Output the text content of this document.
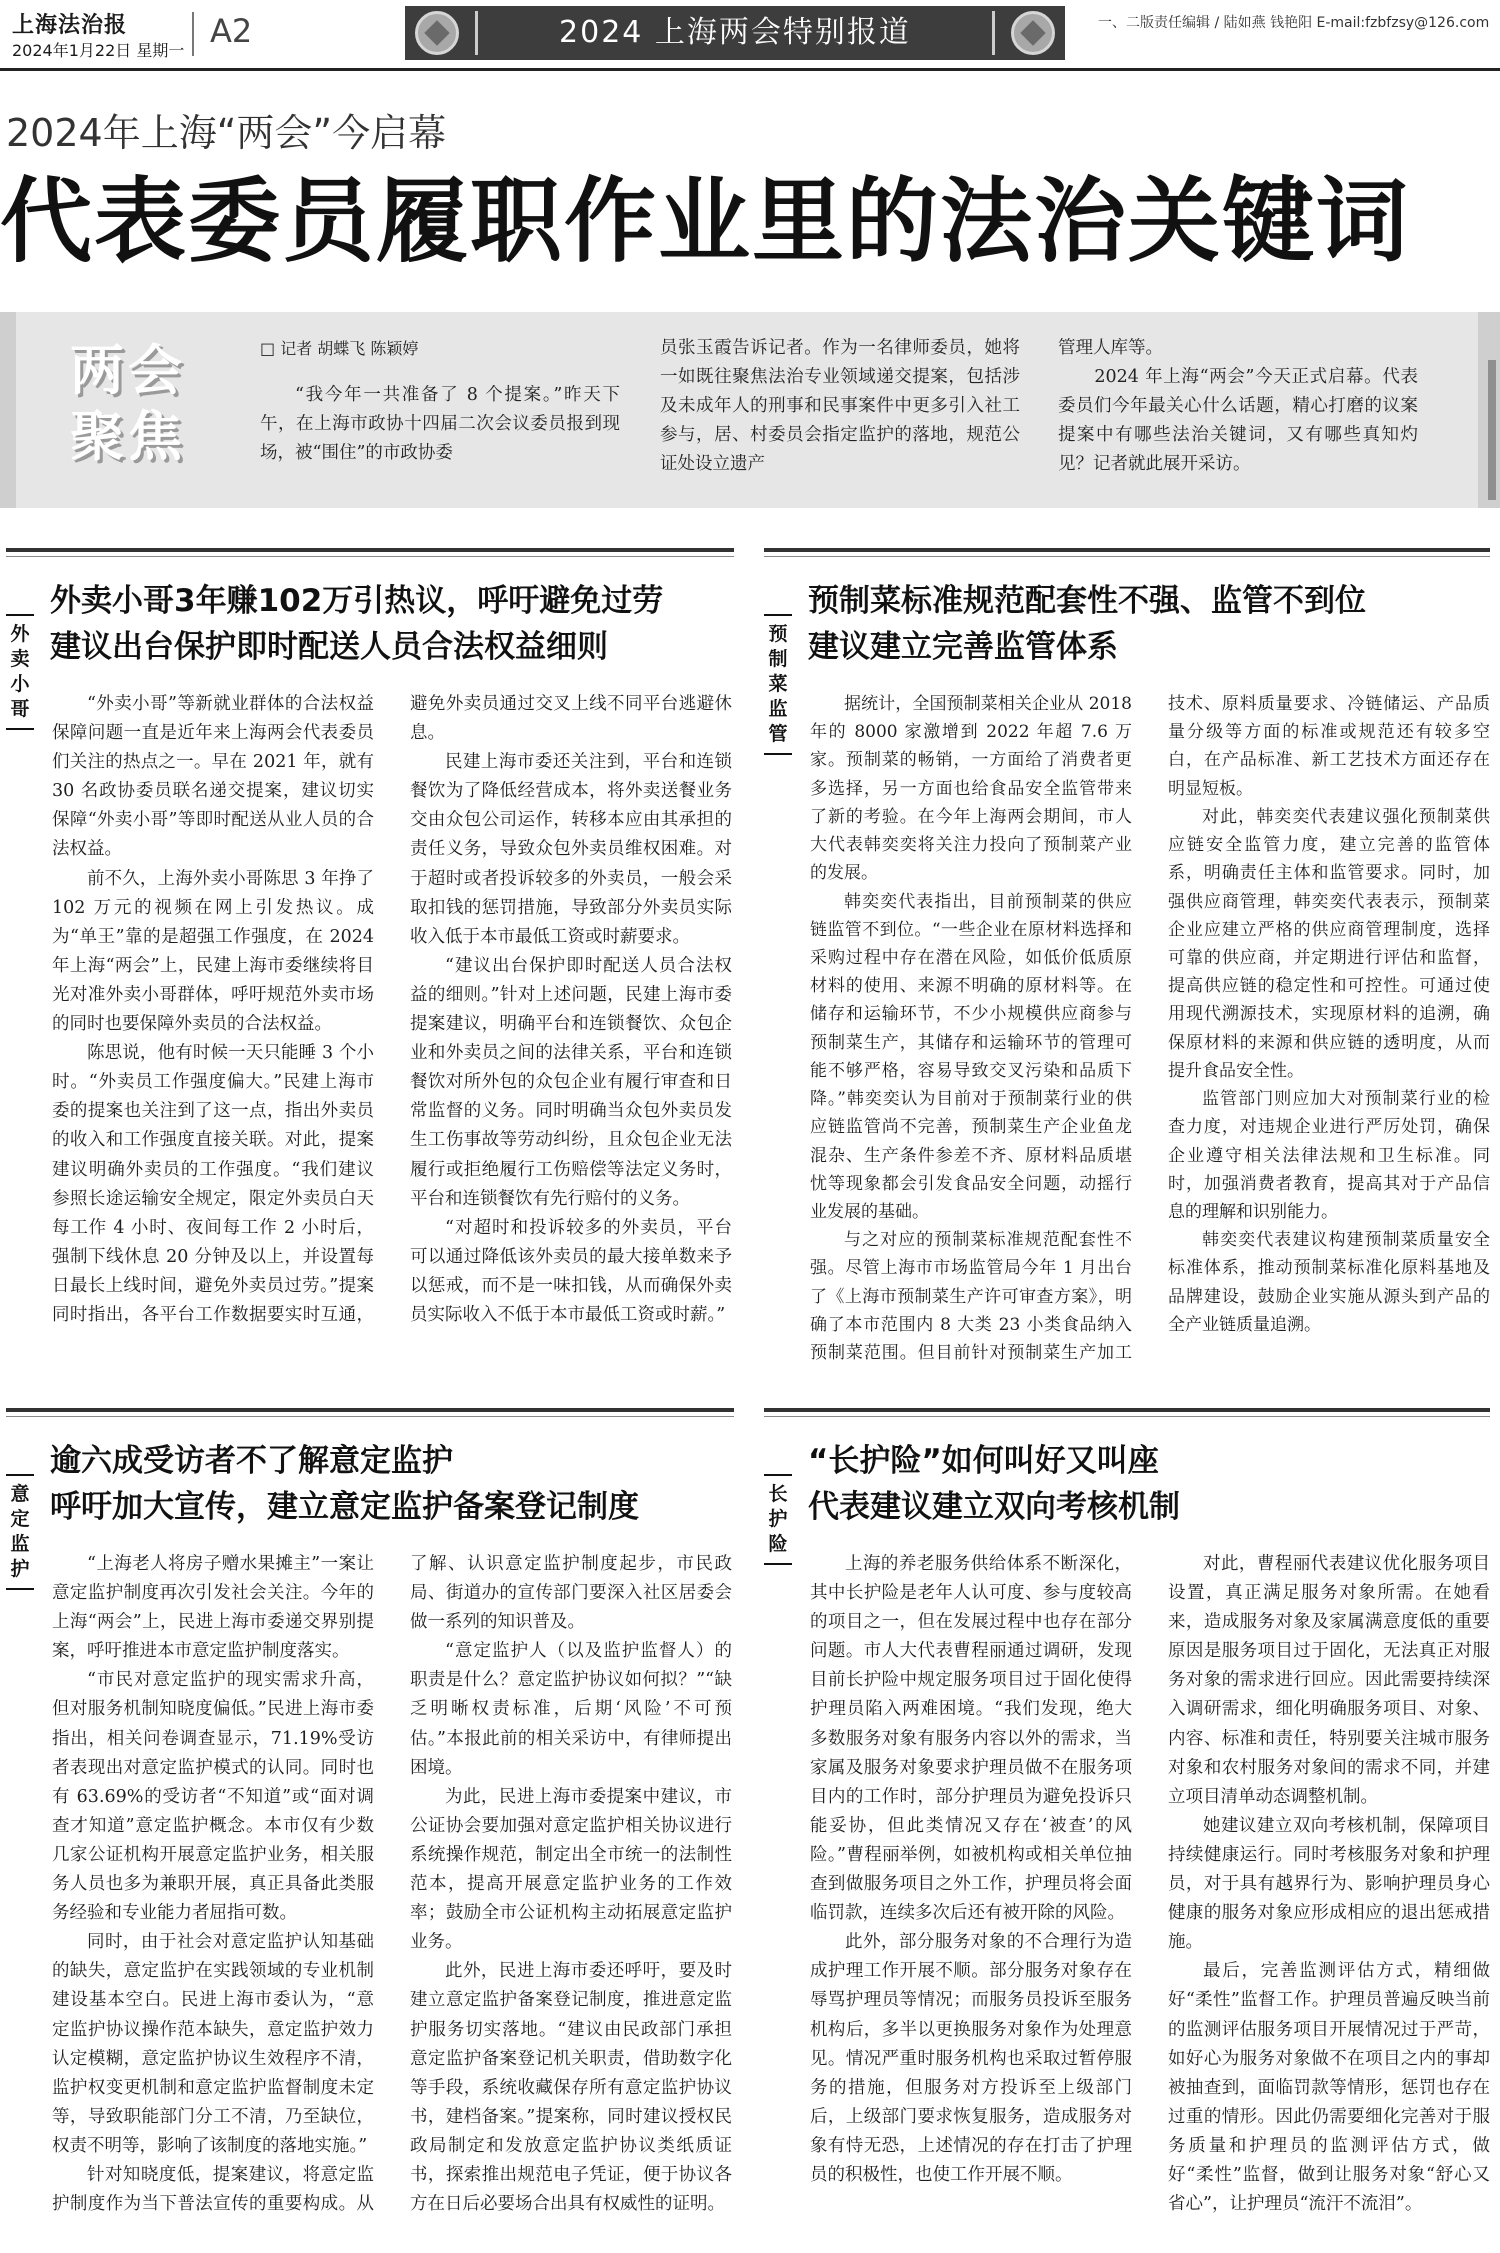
上海法治报
2024年1月22日 星期一
A2	2024 上海两会特别报道	一、二版责任编辑 / 陆如燕 钱艳阳 E-mail:fzbfzsy@126.com
2024年上海“两会”今启幕
代表委员履职作业里的法治关键词
两会聚焦
□ 记者 胡蝶飞 陈颖婷
“我今年一共准备了 8 个提案。”昨天下午，在上海市政协十四届二次会议委员报到现场，被“围住”的市政协委
员张玉霞告诉记者。作为一名律师委员，她将一如既往聚焦法治专业领域递交提案，包括涉及未成年人的刑事和民事案件中更多引入社工参与，居、村委员会指定监护的落地，规范公证处设立遗产
管理人库等。
　　2024 年上海“两会”今天正式启幕。代表委员们今年最关心什么话题，精心打磨的议案提案中有哪些法治关键词，又有哪些真知灼见？记者就此展开采访。
外卖小哥3年赚102万引热议，呼吁避免过劳
建议出台保护即时配送人员合法权益细则
外卖小哥	“外卖小哥”等新就业群体的合法权益保障问题一直是近年来上海两会代表委员们关注的热点之一。早在 2021 年，就有 30 名政协委员联名递交提案，建议切实保障“外卖小哥”等即时配送从业人员的合法权益。

前不久，上海外卖小哥陈思 3 年挣了 102 万元的视频在网上引发热议。成为“单王”靠的是超强工作强度，在 2024 年上海“两会”上，民建上海市委继续将目光对准外卖小哥群体，呼吁规范外卖市场的同时也要保障外卖员的合法权益。

陈思说，他有时候一天只能睡 3 个小时。“外卖员工作强度偏大。”民建上海市委的提案也关注到了这一点，指出外卖员的收入和工作强度直接关联。对此，提案建议明确外卖员的工作强度。“我们建议参照长途运输安全规定，限定外卖员白天每工作 4 小时、夜间每工作 2 小时后，强制下线休息 20 分钟及以上，并设置每日最长上线时间，避免外卖员过劳。”提案同时指出，各平台工作数据要实时互通，避免外卖员通过交叉上线不同平台逃避休息。

民建上海市委还关注到，平台和连锁餐饮为了降低经营成本，将外卖送餐业务交由众包公司运作，转移本应由其承担的责任义务，导致众包外卖员维权困难。对于超时或者投诉较多的外卖员，一般会采取扣钱的惩罚措施，导致部分外卖员实际收入低于本市最低工资或时薪要求。

“建议出台保护即时配送人员合法权益的细则。”针对上述问题，民建上海市委提案建议，明确平台和连锁餐饮、众包企业和外卖员之间的法律关系，平台和连锁餐饮对所外包的众包企业有履行审查和日常监督的义务。同时明确当众包外卖员发生工伤事故等劳动纠纷，且众包企业无法履行或拒绝履行工伤赔偿等法定义务时，平台和连锁餐饮有先行赔付的义务。

“对超时和投诉较多的外卖员，平台可以通过降低该外卖员的最大接单数来予以惩戒，而不是一味扣钱，从而确保外卖员实际收入不低于本市最低工资或时薪。”

预制菜标准规范配套性不强、监管不到位
建议建立完善监管体系
预制菜监管

据统计，全国预制菜相关企业从 2018 年的 8000 家激增到 2022 年超 7.6 万家。预制菜的畅销，一方面给了消费者更多选择，另一方面也给食品安全监管带来了新的考验。在今年上海两会期间，市人大代表韩奕奕将关注力投向了预制菜产业的发展。

韩奕奕代表指出，目前预制菜的供应链监管不到位。“一些企业在原材料选择和采购过程中存在潜在风险，如低价低质原材料的使用、来源不明确的原材料等。在储存和运输环节，不少小规模供应商参与预制菜生产，其储存和运输环节的管理可能不够严格，容易导致交叉污染和品质下降。”韩奕奕认为目前对于预制菜行业的供应链监管尚不完善，预制菜生产企业鱼龙混杂、生产条件参差不齐、原材料品质堪忧等现象都会引发食品安全问题，动摇行业发展的基础。

与之对应的预制菜标准规范配套性不强。尽管上海市市场监管局今年 1 月出台了《上海市预制菜生产许可审查方案》，明确了本市范围内 8 大类 23 小类食品纳入预制菜范围。但目前针对预制菜生产加工技术、原料质量要求、冷链储运、产品质量分级等方面的标准或规范还有较多空白，在产品标准、新工艺技术方面还存在明显短板。

对此，韩奕奕代表建议强化预制菜供应链安全监管力度，建立完善的监管体系，明确责任主体和监管要求。同时，加强供应商管理，韩奕奕代表表示，预制菜企业应建立严格的供应商管理制度，选择可靠的供应商，并定期进行评估和监督，提高供应链的稳定性和可控性。可通过使用现代溯源技术，实现原材料的追溯，确保原材料的来源和供应链的透明度，从而提升食品安全性。

监管部门则应加大对预制菜行业的检查力度，对违规企业进行严厉处罚，确保企业遵守相关法律法规和卫生标准。同时，加强消费者教育，提高其对于产品信息的理解和识别能力。

韩奕奕代表建议构建预制菜质量安全标准体系，推动预制菜标准化原料基地及品牌建设，鼓励企业实施从源头到产品的全产业链质量追溯。

逾六成受访者不了解意定监护
呼吁加大宣传，建立意定监护备案登记制度
意定监护	“上海老人将房子赠水果摊主”一案让意定监护制度再次引发社会关注。今年的上海“两会”上，民进上海市委递交界别提案，呼吁推进本市意定监护制度落实。

“市民对意定监护的现实需求升高，但对服务机制知晓度偏低。”民进上海市委指出，相关问卷调查显示，71.19%受访者表现出对意定监护模式的认同。同时也有 63.69%的受访者“不知道”或“面对调查才知道”意定监护概念。本市仅有少数几家公证机构开展意定监护业务，相关服务人员也多为兼职开展，真正具备此类服务经验和专业能力者屈指可数。

同时，由于社会对意定监护认知基础的缺失，意定监护在实践领域的专业机制建设基本空白。民进上海市委认为，“意定监护协议操作范本缺失，意定监护效力认定模糊，意定监护协议生效程序不清，监护权变更机制和意定监护监督制度未定等，导致职能部门分工不清，乃至缺位，权责不明等，影响了该制度的落地实施。”

针对知晓度低，提案建议，将意定监护制度作为当下普法宣传的重要构成。从了解、认识意定监护制度起步，市民政局、街道办的宣传部门要深入社区居委会做一系列的知识普及。

“意定监护人（以及监护监督人）的职责是什么？意定监护协议如何拟？”“缺乏明晰权责标准，后期‘风险’不可预估。”本报此前的相关采访中，有律师提出困境。

为此，民进上海市委提案中建议，市公证协会要加强对意定监护相关协议进行系统操作规范，制定出全市统一的法制性范本，提高开展意定监护业务的工作效率；鼓励全市公证机构主动拓展意定监护业务。

此外，民进上海市委还呼吁，要及时建立意定监护备案登记制度，推进意定监护服务切实落地。“建议由民政部门承担意定监护备案登记机关职责，借助数字化等手段，系统收藏保存所有意定监护协议书，建档备案。”提案称，同时建议授权民政局制定和发放意定监护协议类纸质证书，探索推出规范电子凭证，便于协议各方在日后必要场合出具有权威性的证明。

“长护险”如何叫好又叫座
代表建议建立双向考核机制
长护险

上海的养老服务供给体系不断深化，其中长护险是老年人认可度、参与度较高的项目之一，但在发展过程中也存在部分问题。市人大代表曹程丽通过调研，发现目前长护险中规定服务项目过于固化使得护理员陷入两难困境。“我们发现，绝大多数服务对象有服务内容以外的需求，当家属及服务对象要求护理员做不在服务项目内的工作时，部分护理员为避免投诉只能妥协，但此类情况又存在‘被查’的风险。”曹程丽举例，如被机构或相关单位抽查到做服务项目之外工作，护理员将会面临罚款，连续多次后还有被开除的风险。

此外，部分服务对象的不合理行为造成护理工作开展不顺。部分服务对象存在辱骂护理员等情况；而服务员投诉至服务机构后，多半以更换服务对象作为处理意见。情况严重时服务机构也采取过暂停服务的措施，但服务对方投诉至上级部门后，上级部门要求恢复服务，造成服务对象有恃无恐，上述情况的存在打击了护理员的积极性，也使工作开展不顺。

对此，曹程丽代表建议优化服务项目设置，真正满足服务对象所需。在她看来，造成服务对象及家属满意度低的重要原因是服务项目过于固化，无法真正对服务对象的需求进行回应。因此需要持续深入调研需求，细化明确服务项目、对象、内容、标准和责任，特别要关注城市服务对象和农村服务对象间的需求不同，并建立项目清单动态调整机制。

她建议建立双向考核机制，保障项目持续健康运行。同时考核服务对象和护理员，对于具有越界行为、影响护理员身心健康的服务对象应形成相应的退出惩戒措施。

最后，完善监测评估方式，精细做好“柔性”监督工作。护理员普遍反映当前的监测评估服务项目开展情况过于严苛，如好心为服务对象做不在项目之内的事却被抽查到，面临罚款等情形，惩罚也存在过重的情形。因此仍需要细化完善对于服务质量和护理员的监测评估方式，做好“柔性”监督，做到让服务对象“舒心又省心”，让护理员“流汗不流泪”。
